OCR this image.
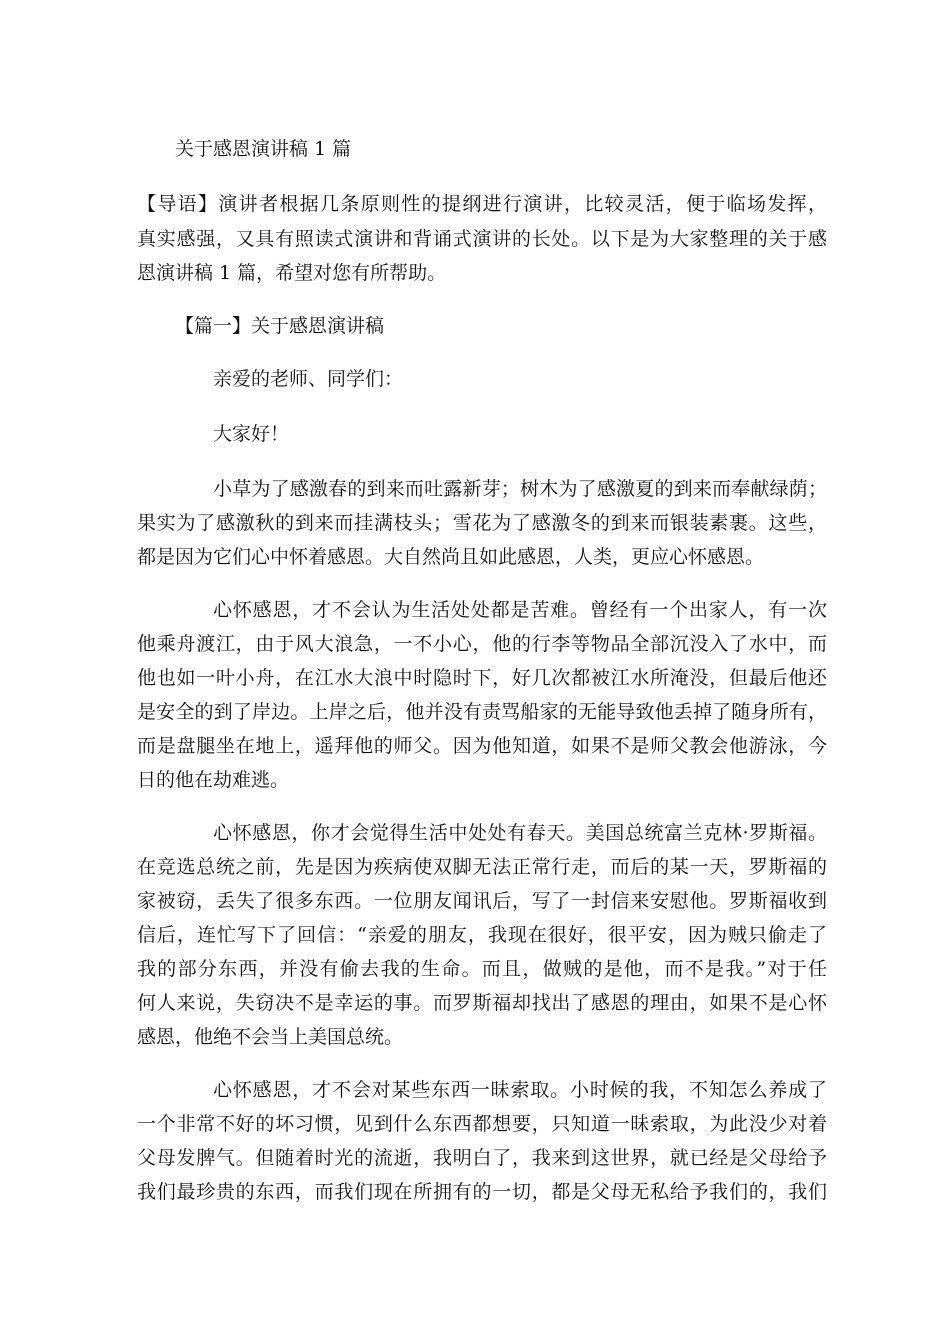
关于感恩演讲稿 1 篇
【导语】演讲者根据几条原则性的提纲进行演讲，比较灵活，便于临场发挥，
真实感强，又具有照读式演讲和背诵式演讲的长处。以下是为大家整理的关于感
恩演讲稿 1 篇，希望对您有所帮助。
【篇一】关于感恩演讲稿
亲爱的老师、同学们：
大家好！
小草为了感激春的到来而吐露新芽；树木为了感激夏的到来而奉献绿荫；
果实为了感激秋的到来而挂满枝头；雪花为了感激冬的到来而银装素裹。这些，
都是因为它们心中怀着感恩。大自然尚且如此感恩，人类，更应心怀感恩。
心怀感恩，才不会认为生活处处都是苦难。曾经有一个出家人，有一次
他乘舟渡江，由于风大浪急，一不小心，他的行李等物品全部沉没入了水中，而
他也如一叶小舟，在江水大浪中时隐时下，好几次都被江水所淹没，但最后他还
是安全的到了岸边。上岸之后，他并没有责骂船家的无能导致他丢掉了随身所有，
而是盘腿坐在地上，遥拜他的师父。因为他知道，如果不是师父教会他游泳，今
日的他在劫难逃。
心怀感恩，你才会觉得生活中处处有春天。美国总统富兰克林·罗斯福。
在竞选总统之前，先是因为疾病使双脚无法正常行走，而后的某一天，罗斯福的
家被窃，丢失了很多东西。一位朋友闻讯后，写了一封信来安慰他。罗斯福收到
信后，连忙写下了回信：“亲爱的朋友，我现在很好，很平安，因为贼只偷走了
我的部分东西，并没有偷去我的生命。而且，做贼的是他，而不是我。”对于任
何人来说，失窃决不是幸运的事。而罗斯福却找出了感恩的理由，如果不是心怀
感恩，他绝不会当上美国总统。
心怀感恩，才不会对某些东西一昧索取。小时候的我，不知怎么养成了
一个非常不好的坏习惯，见到什么东西都想要，只知道一昧索取，为此没少对着
父母发脾气。但随着时光的流逝，我明白了，我来到这世界，就已经是父母给予
我们最珍贵的东西，而我们现在所拥有的一切，都是父母无私给予我们的，我们
